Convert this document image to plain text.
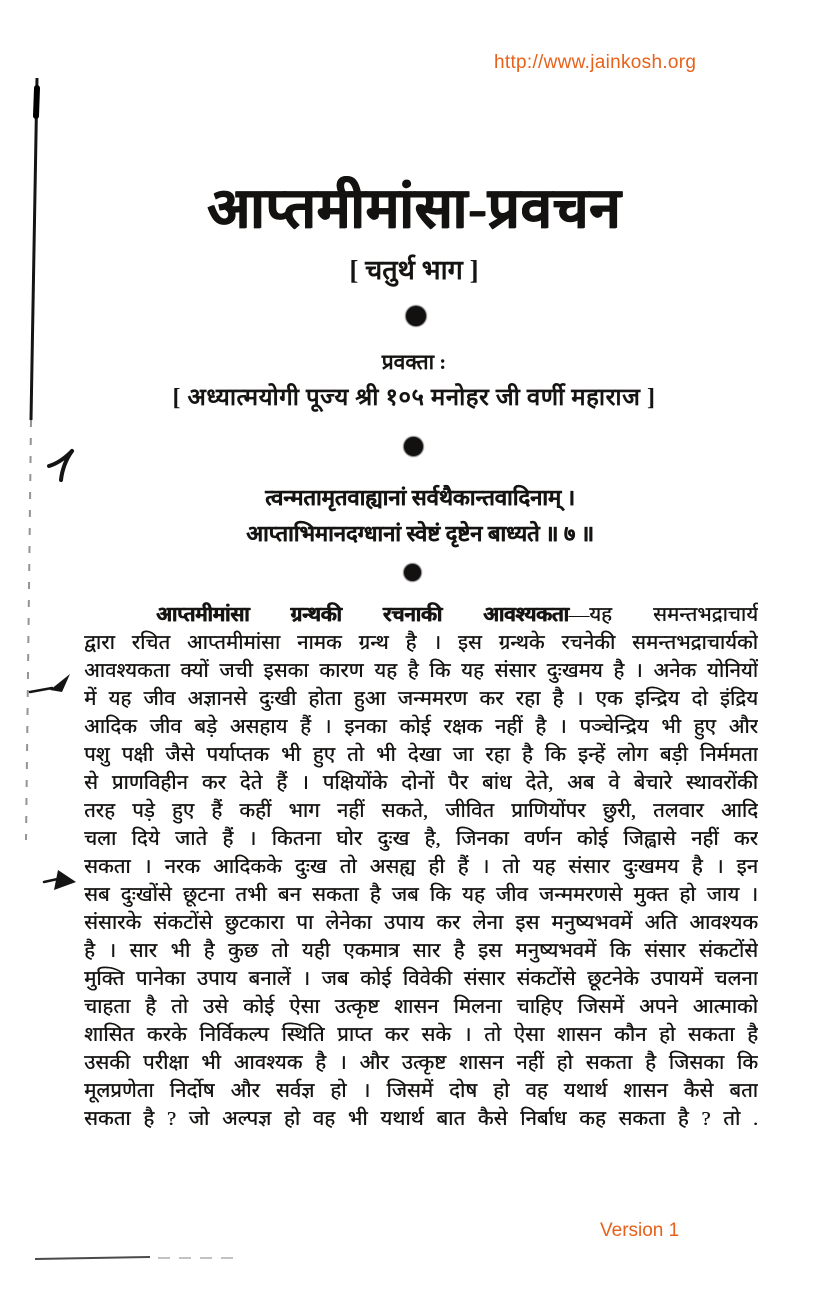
http://www.jainkosh.org
आप्तमीमांसा-प्रवचन
[ चतुर्थ भाग ]
प्रवक्ता :
[ अध्यात्मयोगी पूज्य श्री १०५ मनोहर जी वर्णी महाराज ]
त्वन्मतामृतवाह्यानां सर्वथैकान्तवादिनाम् ।
आप्ताभिमानदग्धानां स्वेष्टं दृष्टेन बाध्यते ॥ ७ ॥
आप्तमीमांसा ग्रन्थकी रचनाकी आवश्यकता—यह समन्तभद्राचार्य
द्वारा रचित आप्तमीमांसा नामक ग्रन्थ है । इस ग्रन्थके रचनेकी समन्तभद्राचार्यको
आवश्यकता क्यों जची इसका कारण यह है कि यह संसार दुःखमय है । अनेक योनियों
में यह जीव अज्ञानसे दुःखी होता हुआ जन्ममरण कर रहा है । एक इन्द्रिय दो इंद्रिय
आदिक जीव बड़े असहाय हैं । इनका कोई रक्षक नहीं है । पञ्चेन्द्रिय भी हुए और
पशु पक्षी जैसे पर्याप्तक भी हुए तो भी देखा जा रहा है कि इन्हें लोग बड़ी निर्ममता
से प्राणविहीन कर देते हैं । पक्षियोंके दोनों पैर बांध देते, अब वे बेचारे स्थावरोंकी
तरह पड़े हुए हैं कहीं भाग नहीं सकते, जीवित प्राणियोंपर छुरी, तलवार आदि
चला दिये जाते हैं । कितना घोर दुःख है, जिनका वर्णन कोई जिह्वासे नहीं कर
सकता । नरक आदिकके दुःख तो असह्य ही हैं । तो यह संसार दुःखमय है । इन
सब दुःखोंसे छूटना तभी बन सकता है जब कि यह जीव जन्ममरणसे मुक्त हो जाय ।
संसारके संकटोंसे छुटकारा पा लेनेका उपाय कर लेना इस मनुष्यभवमें अति आवश्यक
है । सार भी है कुछ तो यही एकमात्र सार है इस मनुष्यभवमें कि संसार संकटोंसे
मुक्ति पानेका उपाय बनालें । जब कोई विवेकी संसार संकटोंसे छूटनेके उपायमें चलना
चाहता है तो उसे कोई ऐसा उत्कृष्ट शासन मिलना चाहिए जिसमें अपने आत्माको
शासित करके निर्विकल्प स्थिति प्राप्त कर सके । तो ऐसा शासन कौन हो सकता है
उसकी परीक्षा भी आवश्यक है । और उत्कृष्ट शासन नहीं हो सकता है जिसका कि
मूलप्रणेता निर्दोष और सर्वज्ञ हो । जिसमें दोष हो वह यथार्थ शासन कैसे बता
सकता है ? जो अल्पज्ञ हो वह भी यथार्थ बात कैसे निर्बाध कह सकता है ? तो .
Version 1
